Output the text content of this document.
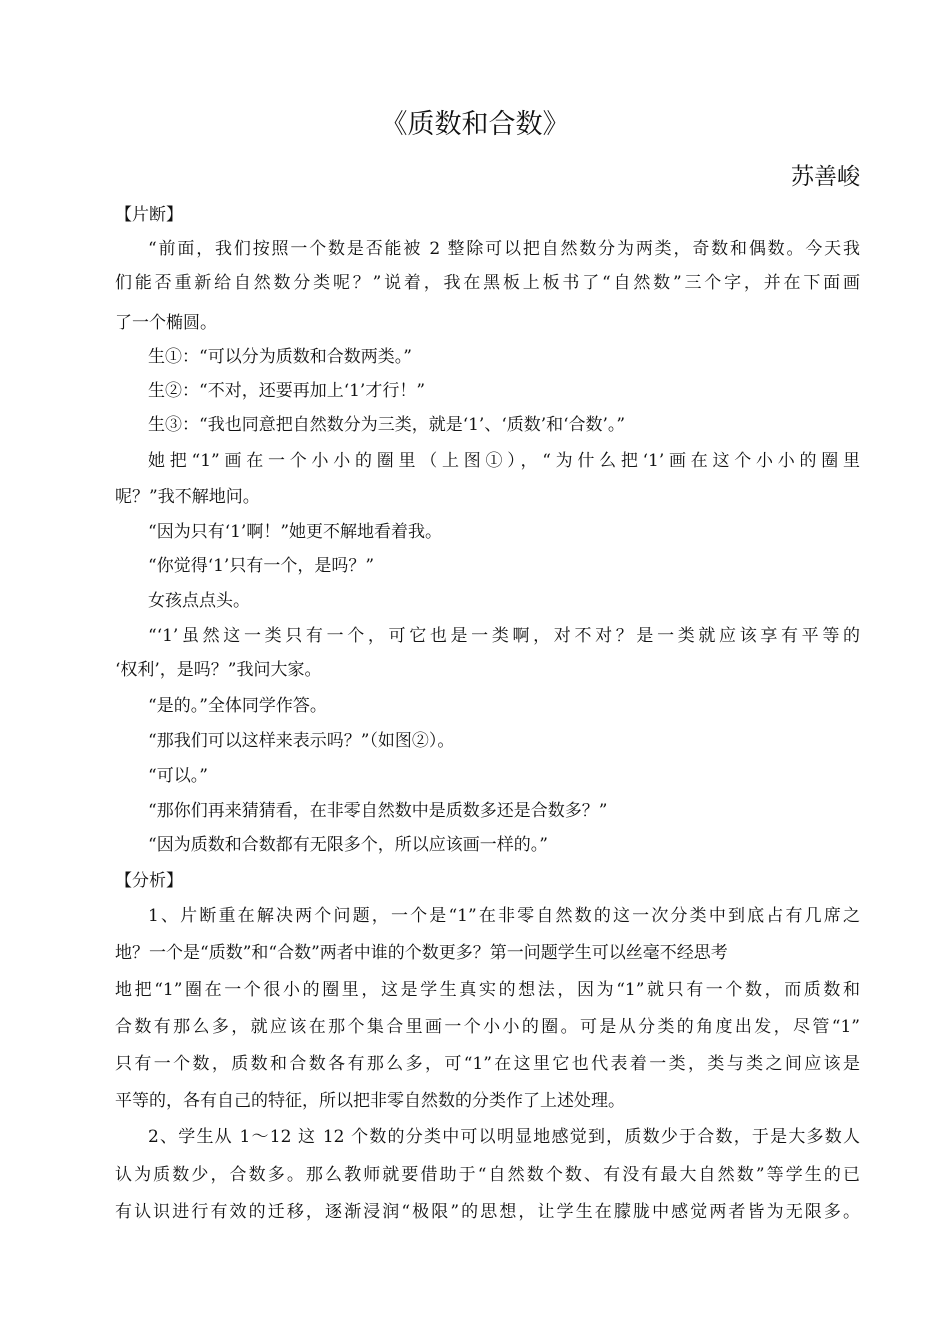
《质数和合数》
苏善峻
【片断】
“前面，我们按照一个数是否能被 2 整除可以把自然数分为两类，奇数和偶数。今天我
们能否重新给自然数分类呢？”说着，我在黑板上板书了“自然数”三个字，并在下面画
了一个椭圆。
生①：“可以分为质数和合数两类。”
生②：“不对，还要再加上‘1’才行！”
生③：“我也同意把自然数分为三类，就是‘1’、‘质数’和‘合数’。”
她把“1”画在一个小小的圈里（上图①），“为什么把‘1’画在这个小小的圈里
呢？”我不解地问。
“因为只有‘1’啊！”她更不解地看着我。
“你觉得‘1’只有一个，是吗？”
女孩点点头。
“‘1’虽然这一类只有一个，可它也是一类啊，对不对？是一类就应该享有平等的
‘权利’，是吗？”我问大家。
“是的。”全体同学作答。
“那我们可以这样来表示吗？”（如图②）。
“可以。”
“那你们再来猜猜看，在非零自然数中是质数多还是合数多？”
“因为质数和合数都有无限多个，所以应该画一样的。”
【分析】
1、片断重在解决两个问题，一个是“1”在非零自然数的这一次分类中到底占有几席之
地？一个是“质数”和“合数”两者中谁的个数更多？第一问题学生可以丝毫不经思考
地把“1”圈在一个很小的圈里，这是学生真实的想法，因为“1”就只有一个数，而质数和
合数有那么多，就应该在那个集合里画一个小小的圈。可是从分类的角度出发，尽管“1”
只有一个数，质数和合数各有那么多，可“1”在这里它也代表着一类，类与类之间应该是
平等的，各有自己的特征，所以把非零自然数的分类作了上述处理。
2、学生从 1～12 这 12 个数的分类中可以明显地感觉到，质数少于合数，于是大多数人
认为质数少，合数多。那么教师就要借助于“自然数个数、有没有最大自然数”等学生的已
有认识进行有效的迁移，逐渐浸润“极限”的思想，让学生在朦胧中感觉两者皆为无限多。
